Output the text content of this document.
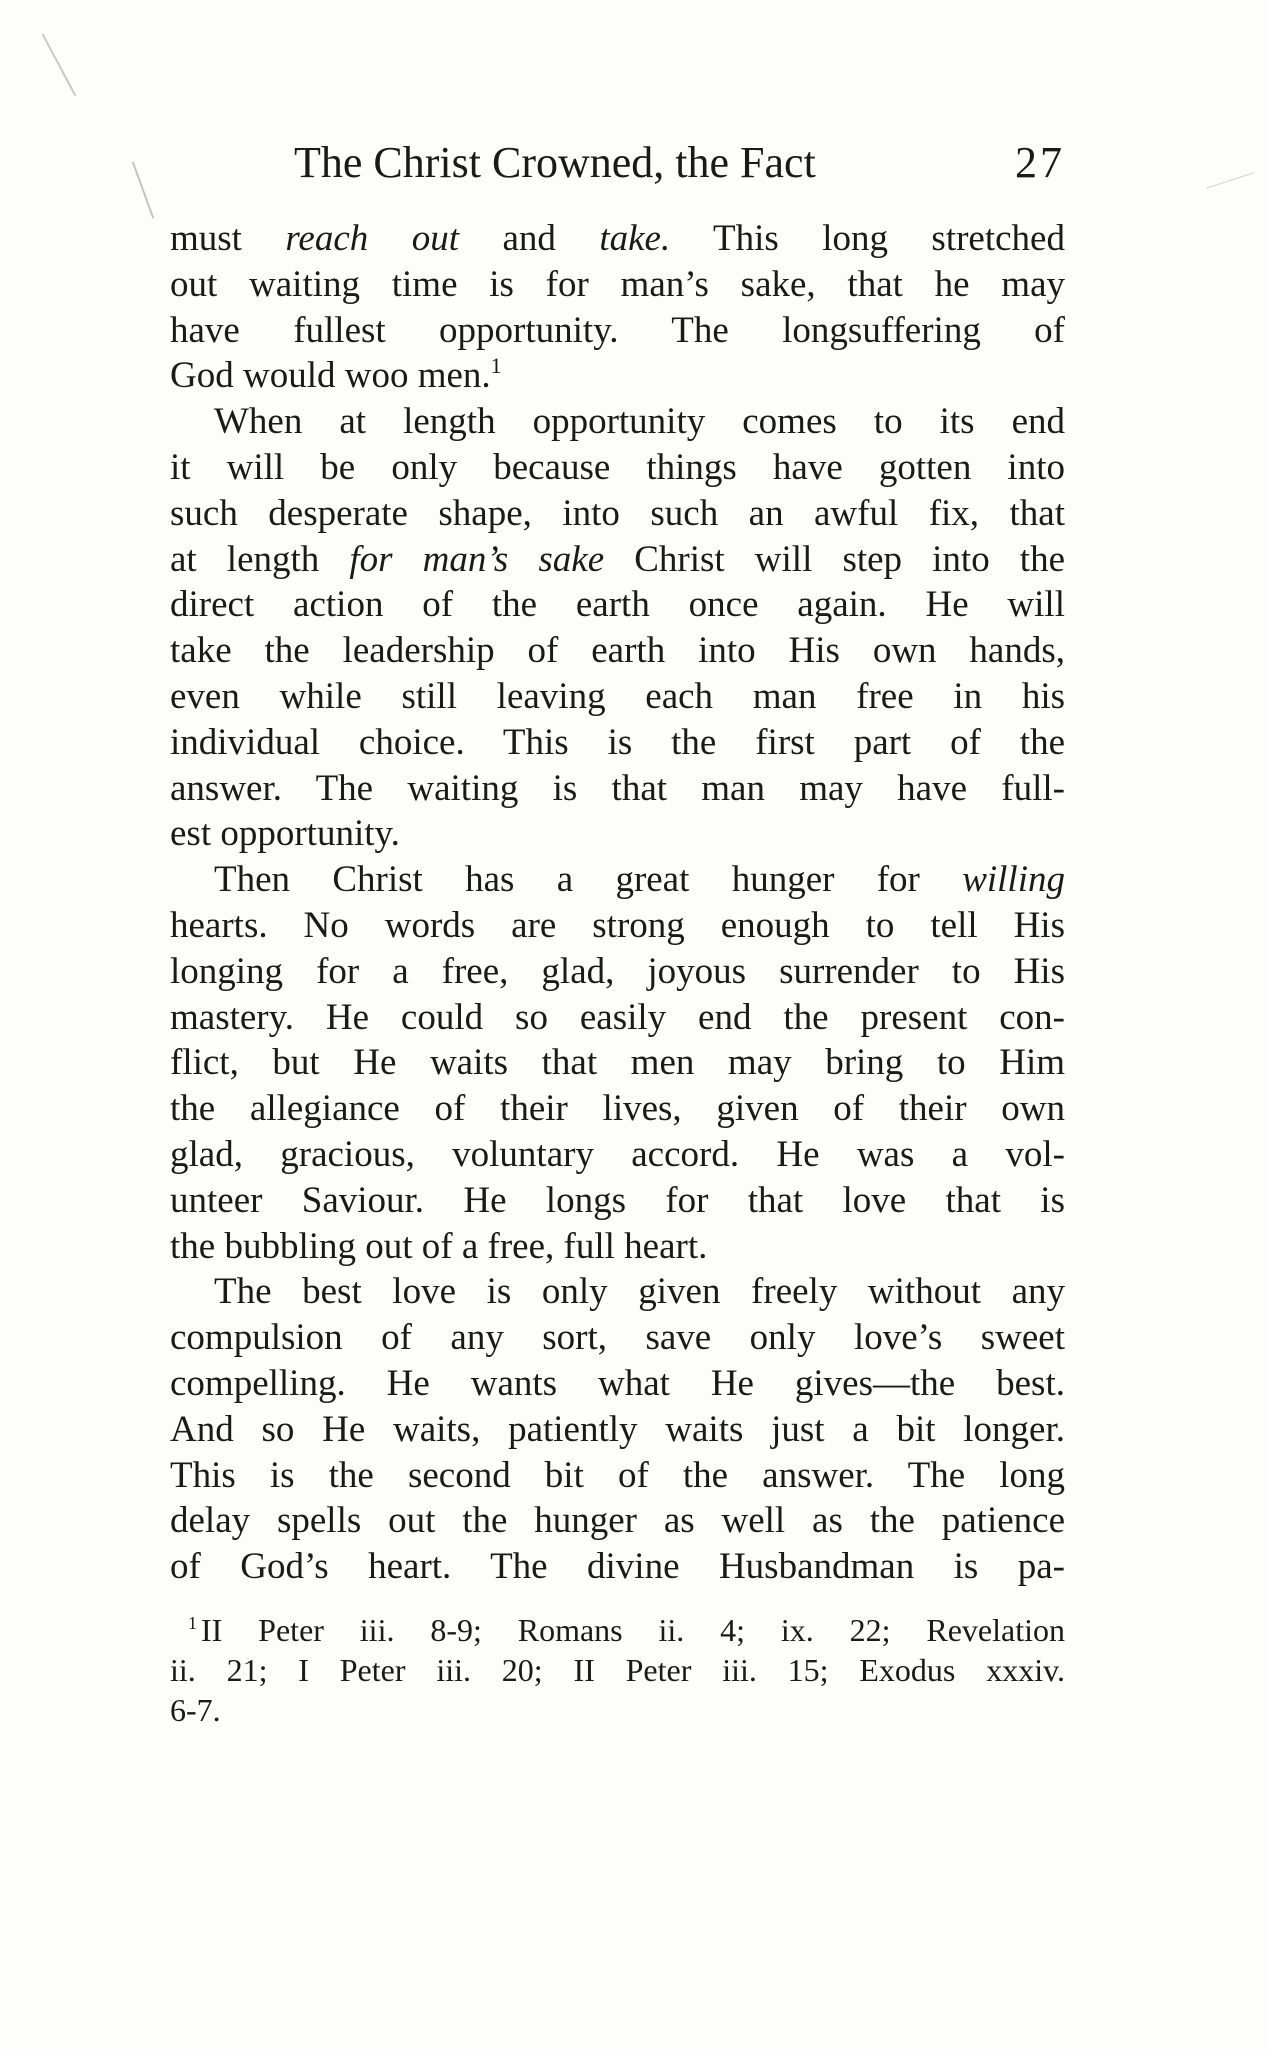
The Christ Crowned, the Fact	27
must reach out and take. This long stretched
out waiting time is for man’s sake, that he may
have fullest opportunity. The longsuffering of
God would woo men.$^1$
When at length opportunity comes to its end
it will be only because things have gotten into
such desperate shape, into such an awful fix, that
at length for man’s sake Christ will step into the
direct action of the earth once again. He will
take the leadership of earth into His own hands,
even while still leaving each man free in his
individual choice. This is the first part of the
answer. The waiting is that man may have full-
est opportunity.
Then Christ has a great hunger for willing
hearts. No words are strong enough to tell His
longing for a free, glad, joyous surrender to His
mastery. He could so easily end the present con-
flict, but He waits that men may bring to Him
the allegiance of their lives, given of their own
glad, gracious, voluntary accord. He was a vol-
unteer Saviour. He longs for that love that is
the bubbling out of a free, full heart.
The best love is only given freely without any
compulsion of any sort, save only love’s sweet
compelling. He wants what He gives—the best.
And so He waits, patiently waits just a bit longer.
This is the second bit of the answer. The long
delay spells out the hunger as well as the patience
of God’s heart. The divine Husbandman is pa-
$^1$ II Peter iii. 8-9; Romans ii. 4; ix. 22; Revelation
ii. 21; I Peter iii. 20; II Peter iii. 15; Exodus xxxiv.
6-7.
